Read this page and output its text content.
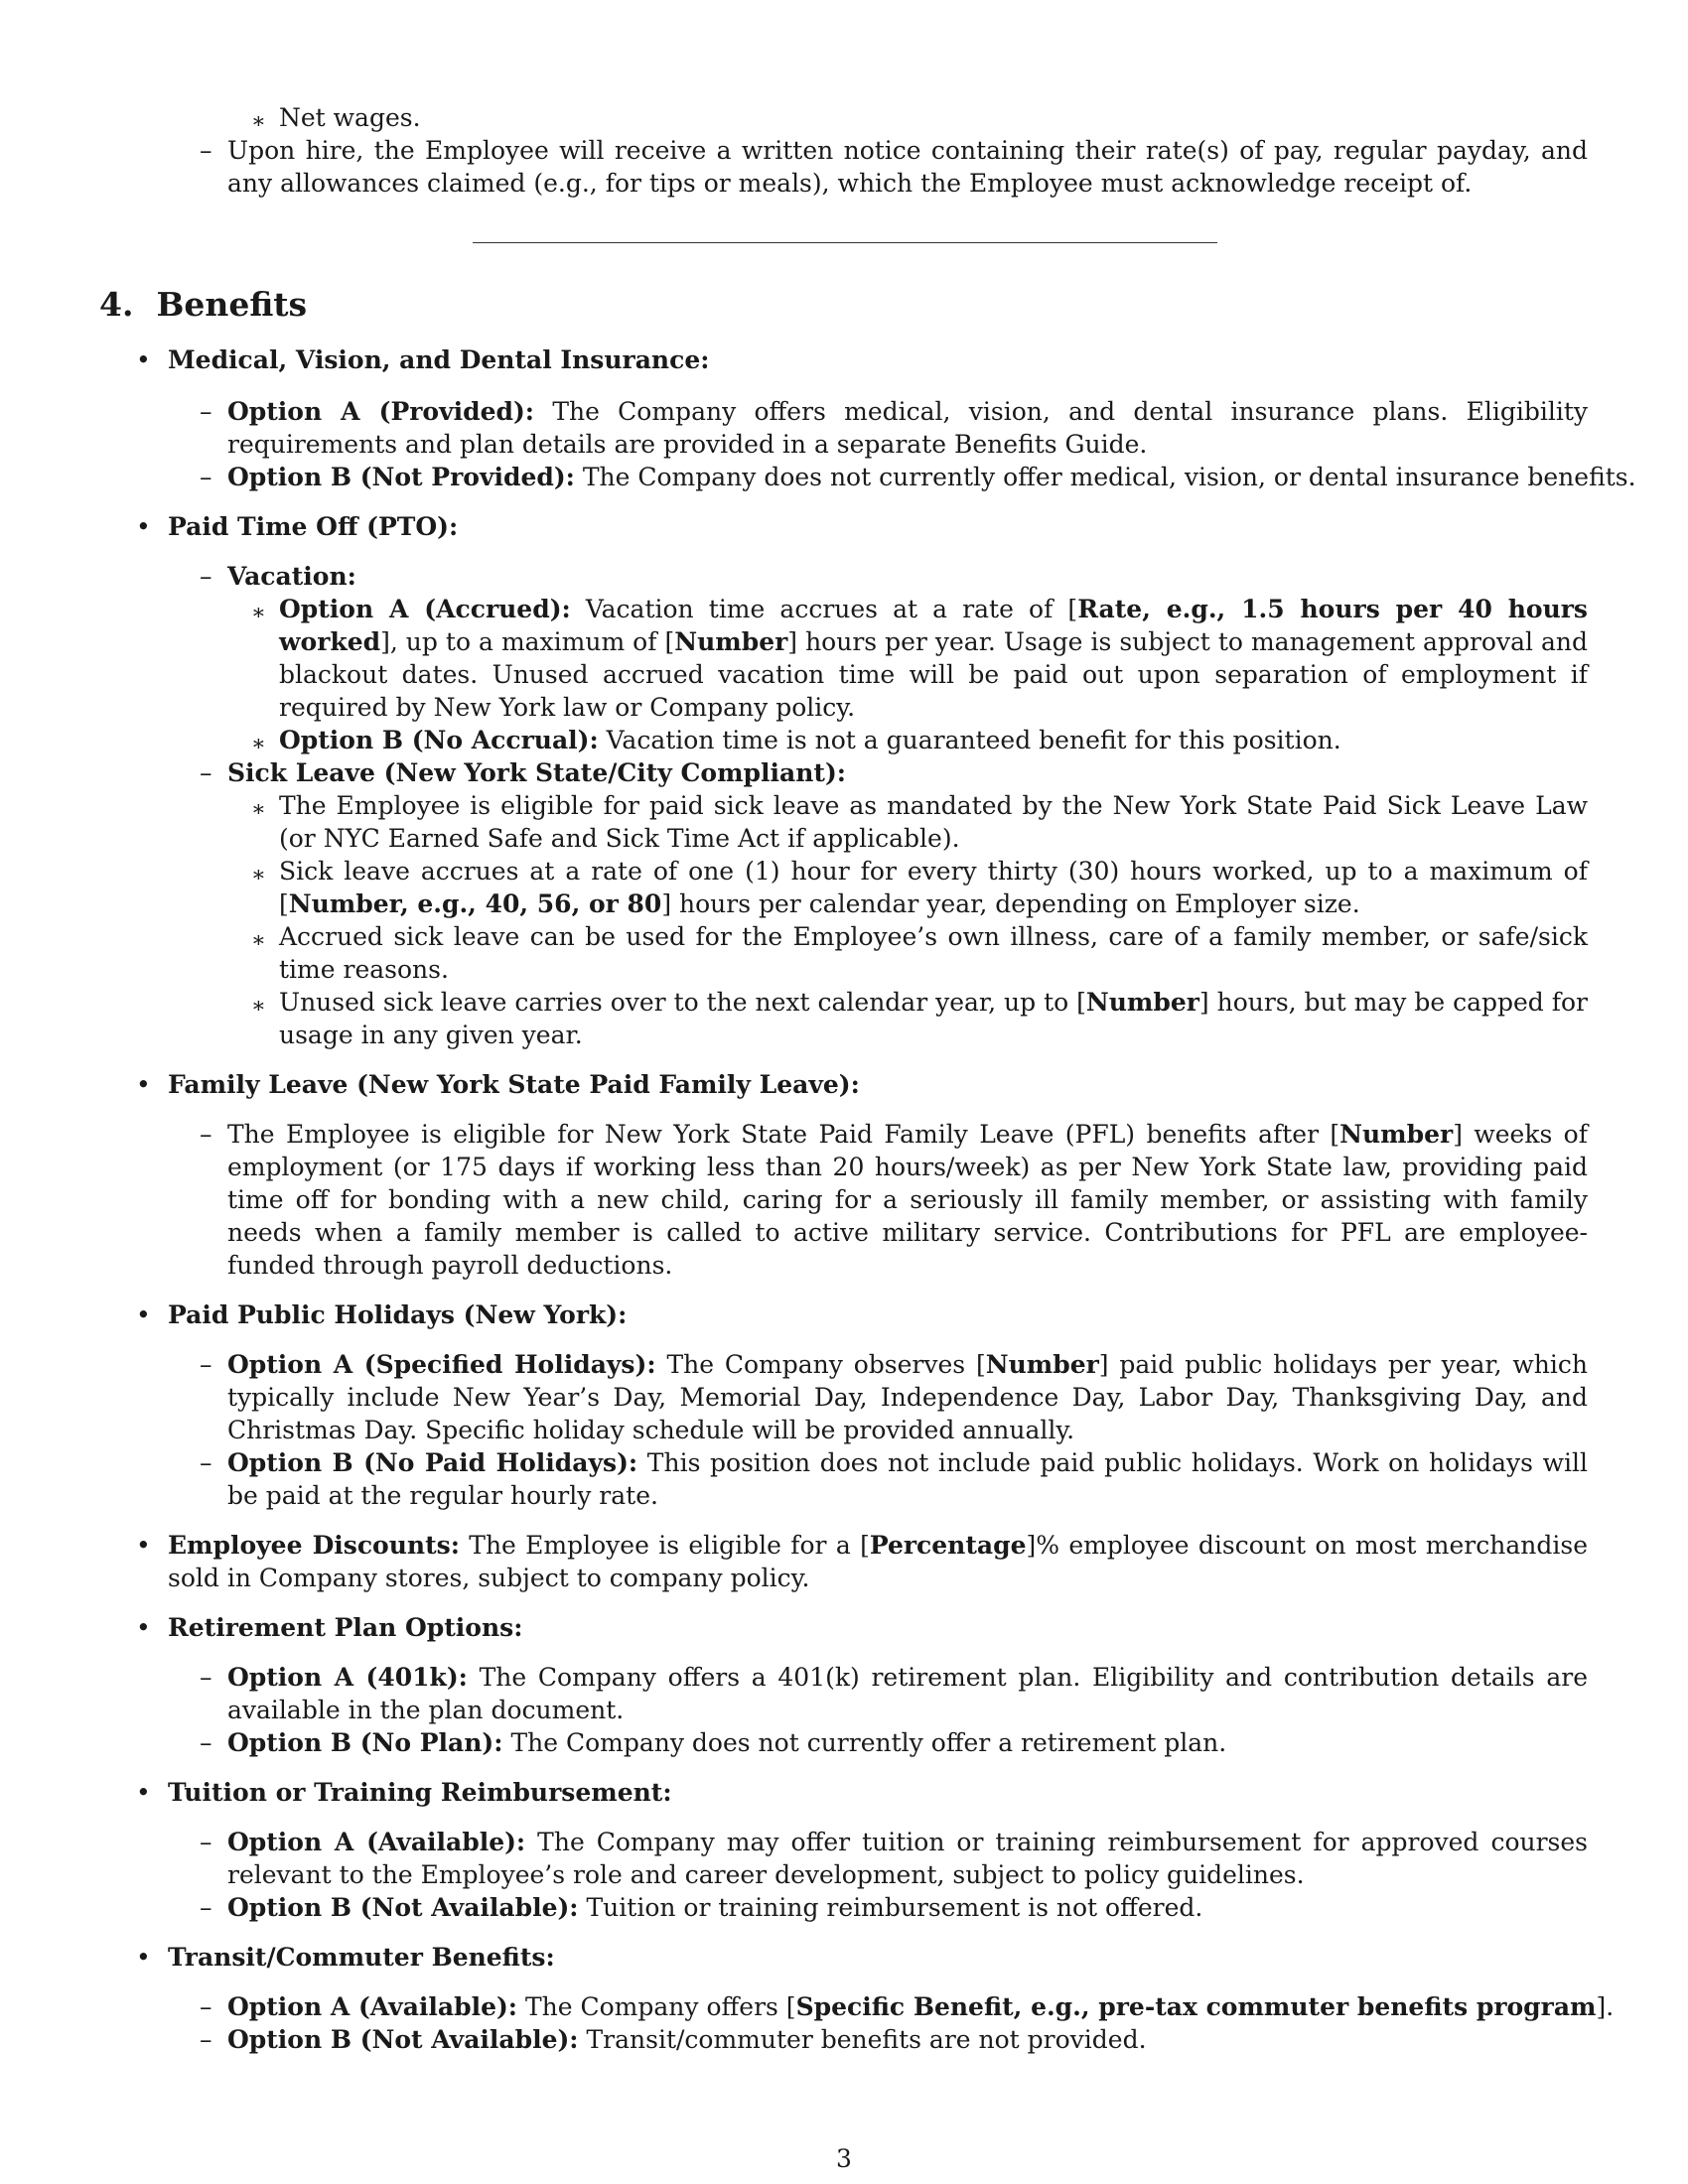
∗ Net wages.
– Upon hire, the Employee will receive a written notice containing their rate(s) of pay, regular payday, and any allowances claimed (e.g., for tips or meals), which the Employee must acknowledge receipt of.
4. Benefits
• Medical, Vision, and Dental Insurance:
– Option A (Provided): The Company offers medical, vision, and dental insurance plans. Eligibility requirements and plan details are provided in a separate Benefits Guide.
– Option B (Not Provided): The Company does not currently offer medical, vision, or dental insurance benefits.
• Paid Time Off (PTO):
– Vacation:
∗ Option A (Accrued): Vacation time accrues at a rate of [Rate, e.g., 1.5 hours per 40 hours worked], up to a maximum of [Number] hours per year. Usage is subject to management approval and blackout dates. Unused accrued vacation time will be paid out upon separation of employment if required by New York law or Company policy.
∗ Option B (No Accrual): Vacation time is not a guaranteed benefit for this position.
– Sick Leave (New York State/City Compliant):
∗ The Employee is eligible for paid sick leave as mandated by the New York State Paid Sick Leave Law (or NYC Earned Safe and Sick Time Act if applicable).
∗ Sick leave accrues at a rate of one (1) hour for every thirty (30) hours worked, up to a maximum of [Number, e.g., 40, 56, or 80] hours per calendar year, depending on Employer size.
∗ Accrued sick leave can be used for the Employee’s own illness, care of a family member, or safe/sick time reasons.
∗ Unused sick leave carries over to the next calendar year, up to [Number] hours, but may be capped for usage in any given year.
• Family Leave (New York State Paid Family Leave):
– The Employee is eligible for New York State Paid Family Leave (PFL) benefits after [Number] weeks of employment (or 175 days if working less than 20 hours/week) as per New York State law, providing paid time off for bonding with a new child, caring for a seriously ill family member, or assisting with family needs when a family member is called to active military service. Contributions for PFL are employee-funded through payroll deductions.
• Paid Public Holidays (New York):
– Option A (Specified Holidays): The Company observes [Number] paid public holidays per year, which typically include New Year’s Day, Memorial Day, Independence Day, Labor Day, Thanksgiving Day, and Christmas Day. Specific holiday schedule will be provided annually.
– Option B (No Paid Holidays): This position does not include paid public holidays. Work on holidays will be paid at the regular hourly rate.
• Employee Discounts: The Employee is eligible for a [Percentage]% employee discount on most merchandise sold in Company stores, subject to company policy.
• Retirement Plan Options:
– Option A (401k): The Company offers a 401(k) retirement plan. Eligibility and contribution details are available in the plan document.
– Option B (No Plan): The Company does not currently offer a retirement plan.
• Tuition or Training Reimbursement:
– Option A (Available): The Company may offer tuition or training reimbursement for approved courses relevant to the Employee’s role and career development, subject to policy guidelines.
– Option B (Not Available): Tuition or training reimbursement is not offered.
• Transit/Commuter Benefits:
– Option A (Available): The Company offers [Specific Benefit, e.g., pre-tax commuter benefits program].
– Option B (Not Available): Transit/commuter benefits are not provided.
3
